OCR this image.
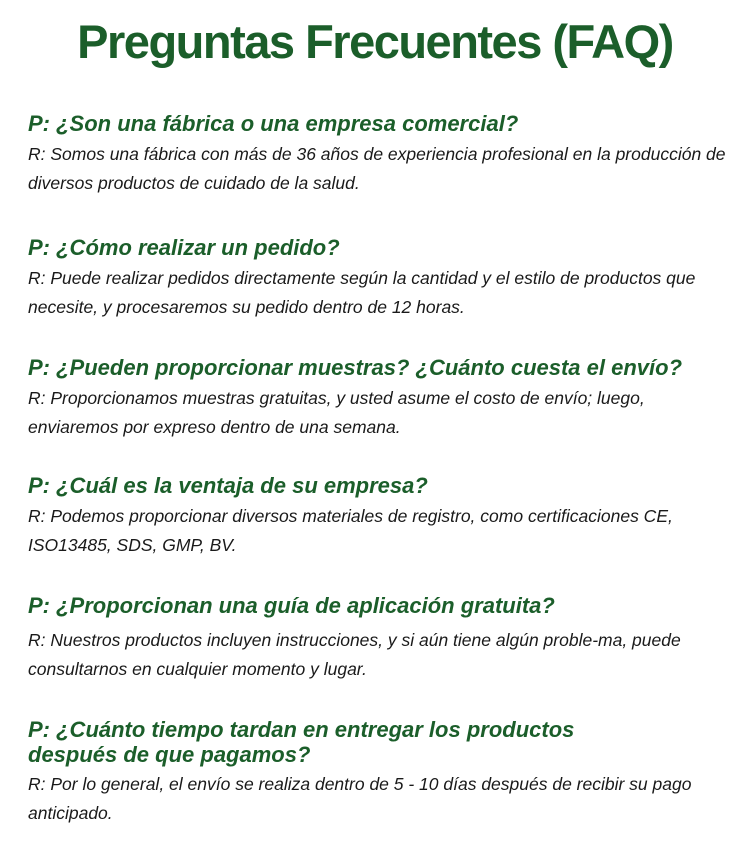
Preguntas Frecuentes (FAQ)

P: ¿Son una fábrica o una empresa comercial?

R: Somos una fábrica con más de 36 años de experiencia profesional en la producción de diversos productos de cuidado de la salud.

P: ¿Cómo realizar un pedido?

R: Puede realizar pedidos directamente según la cantidad y el estilo de productos que necesite, y procesaremos su pedido dentro de 12 horas.

P: ¿Pueden proporcionar muestras? ¿Cuánto cuesta el envío?

R: Proporcionamos muestras gratuitas, y usted asume el costo de envío; luego, enviaremos por expreso dentro de una semana.

P: ¿Cuál es la ventaja de su empresa?

R: Podemos proporcionar diversos materiales de registro, como certificaciones CE, ISO13485, SDS, GMP, BV.

P: ¿Proporcionan una guía de aplicación gratuita?

R: Nuestros productos incluyen instrucciones, y si aún tiene algún proble-ma, puede consultarnos en cualquier momento y lugar.

P: ¿Cuánto tiempo tardan en entregar los productos después de que pagamos?

R: Por lo general, el envío se realiza dentro de 5 - 10 días después de recibir su pago anticipado.
